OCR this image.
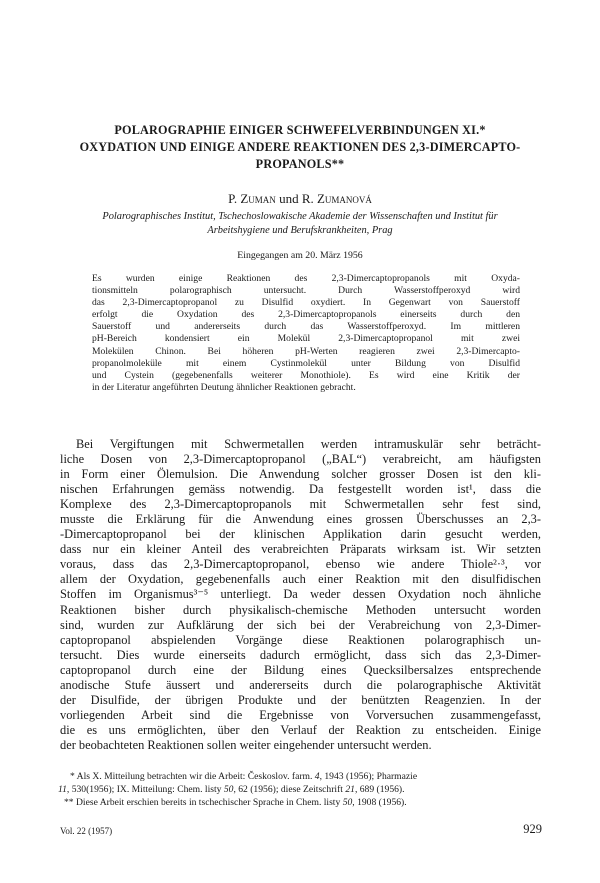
POLAROGRAPHIE EINIGER SCHWEFELVERBINDUNGEN XI.*
OXYDATION UND EINIGE ANDERE REAKTIONEN DES 2,3-DIMERCAPTO-
PROPANOLS**
P. Zuman und R. Zumanová
Polarographisches Institut, Tschechoslowakische Akademie der Wissenschaften und Institut für
Arbeitshygiene und Berufskrankheiten, Prag
Eingegangen am 20. März 1956
Es wurden einige Reaktionen des 2,3-Dimercaptopropanols mit Oxyda-
tionsmitteln polarographisch untersucht. Durch Wasserstoffperoxyd wird
das 2,3-Dimercaptopropanol zu Disulfid oxydiert. In Gegenwart von Sauerstoff
erfolgt die Oxydation des 2,3-Dimercaptopropanols einerseits durch den
Sauerstoff und andererseits durch das Wasserstoffperoxyd. Im mittleren
pH-Bereich kondensiert ein Molekül 2,3-Dimercaptopropanol mit zwei
Molekülen Chinon. Bei höheren pH-Werten reagieren zwei 2,3-Dimercapto-
propanolmoleküle mit einem Cystinmolekül unter Bildung von Disulfid
und Cystein (gegebenenfalls weiterer Monothiole). Es wird eine Kritik der
in der Literatur angeführten Deutung ähnlicher Reaktionen gebracht.
Bei Vergiftungen mit Schwermetallen werden intramuskulär sehr beträcht-
liche Dosen von 2,3-Dimercaptopropanol („BAL“) verabreicht, am häufigsten
in Form einer Ölemulsion. Die Anwendung solcher grosser Dosen ist den kli-
nischen Erfahrungen gemäss notwendig. Da festgestellt worden ist¹, dass die
Komplexe des 2,3-Dimercaptopropanols mit Schwermetallen sehr fest sind,
musste die Erklärung für die Anwendung eines grossen Überschusses an 2,3-
-Dimercaptopropanol bei der klinischen Applikation darin gesucht werden,
dass nur ein kleiner Anteil des verabreichten Präparats wirksam ist. Wir setzten
voraus, dass das 2,3-Dimercaptopropanol, ebenso wie andere Thiole²·³, vor
allem der Oxydation, gegebenenfalls auch einer Reaktion mit den disulfidischen
Stoffen im Organismus³⁻⁵ unterliegt. Da weder dessen Oxydation noch ähnliche
Reaktionen bisher durch physikalisch-chemische Methoden untersucht worden
sind, wurden zur Aufklärung der sich bei der Verabreichung von 2,3-Dimer-
captopropanol abspielenden Vorgänge diese Reaktionen polarographisch un-
tersucht. Dies wurde einerseits dadurch ermöglicht, dass sich das 2,3-Dimer-
captopropanol durch eine der Bildung eines Quecksilbersalzes entsprechende
anodische Stufe äussert und andererseits durch die polarographische Aktivität
der Disulfide, der übrigen Produkte und der benützten Reagenzien. In der
vorliegenden Arbeit sind die Ergebnisse von Vorversuchen zusammengefasst,
die es uns ermöglichten, über den Verlauf der Reaktion zu entscheiden. Einige
der beobachteten Reaktionen sollen weiter eingehender untersucht werden.
* Als X. Mitteilung betrachten wir die Arbeit: Českoslov. farm. 4, 1943 (1956); Pharmazie
11, 530(1956); IX. Mitteilung: Chem. listy 50, 62 (1956); diese Zeitschrift 21, 689 (1956).
** Diese Arbeit erschien bereits in tschechischer Sprache in Chem. listy 50, 1908 (1956).
Vol. 22 (1957)	929
